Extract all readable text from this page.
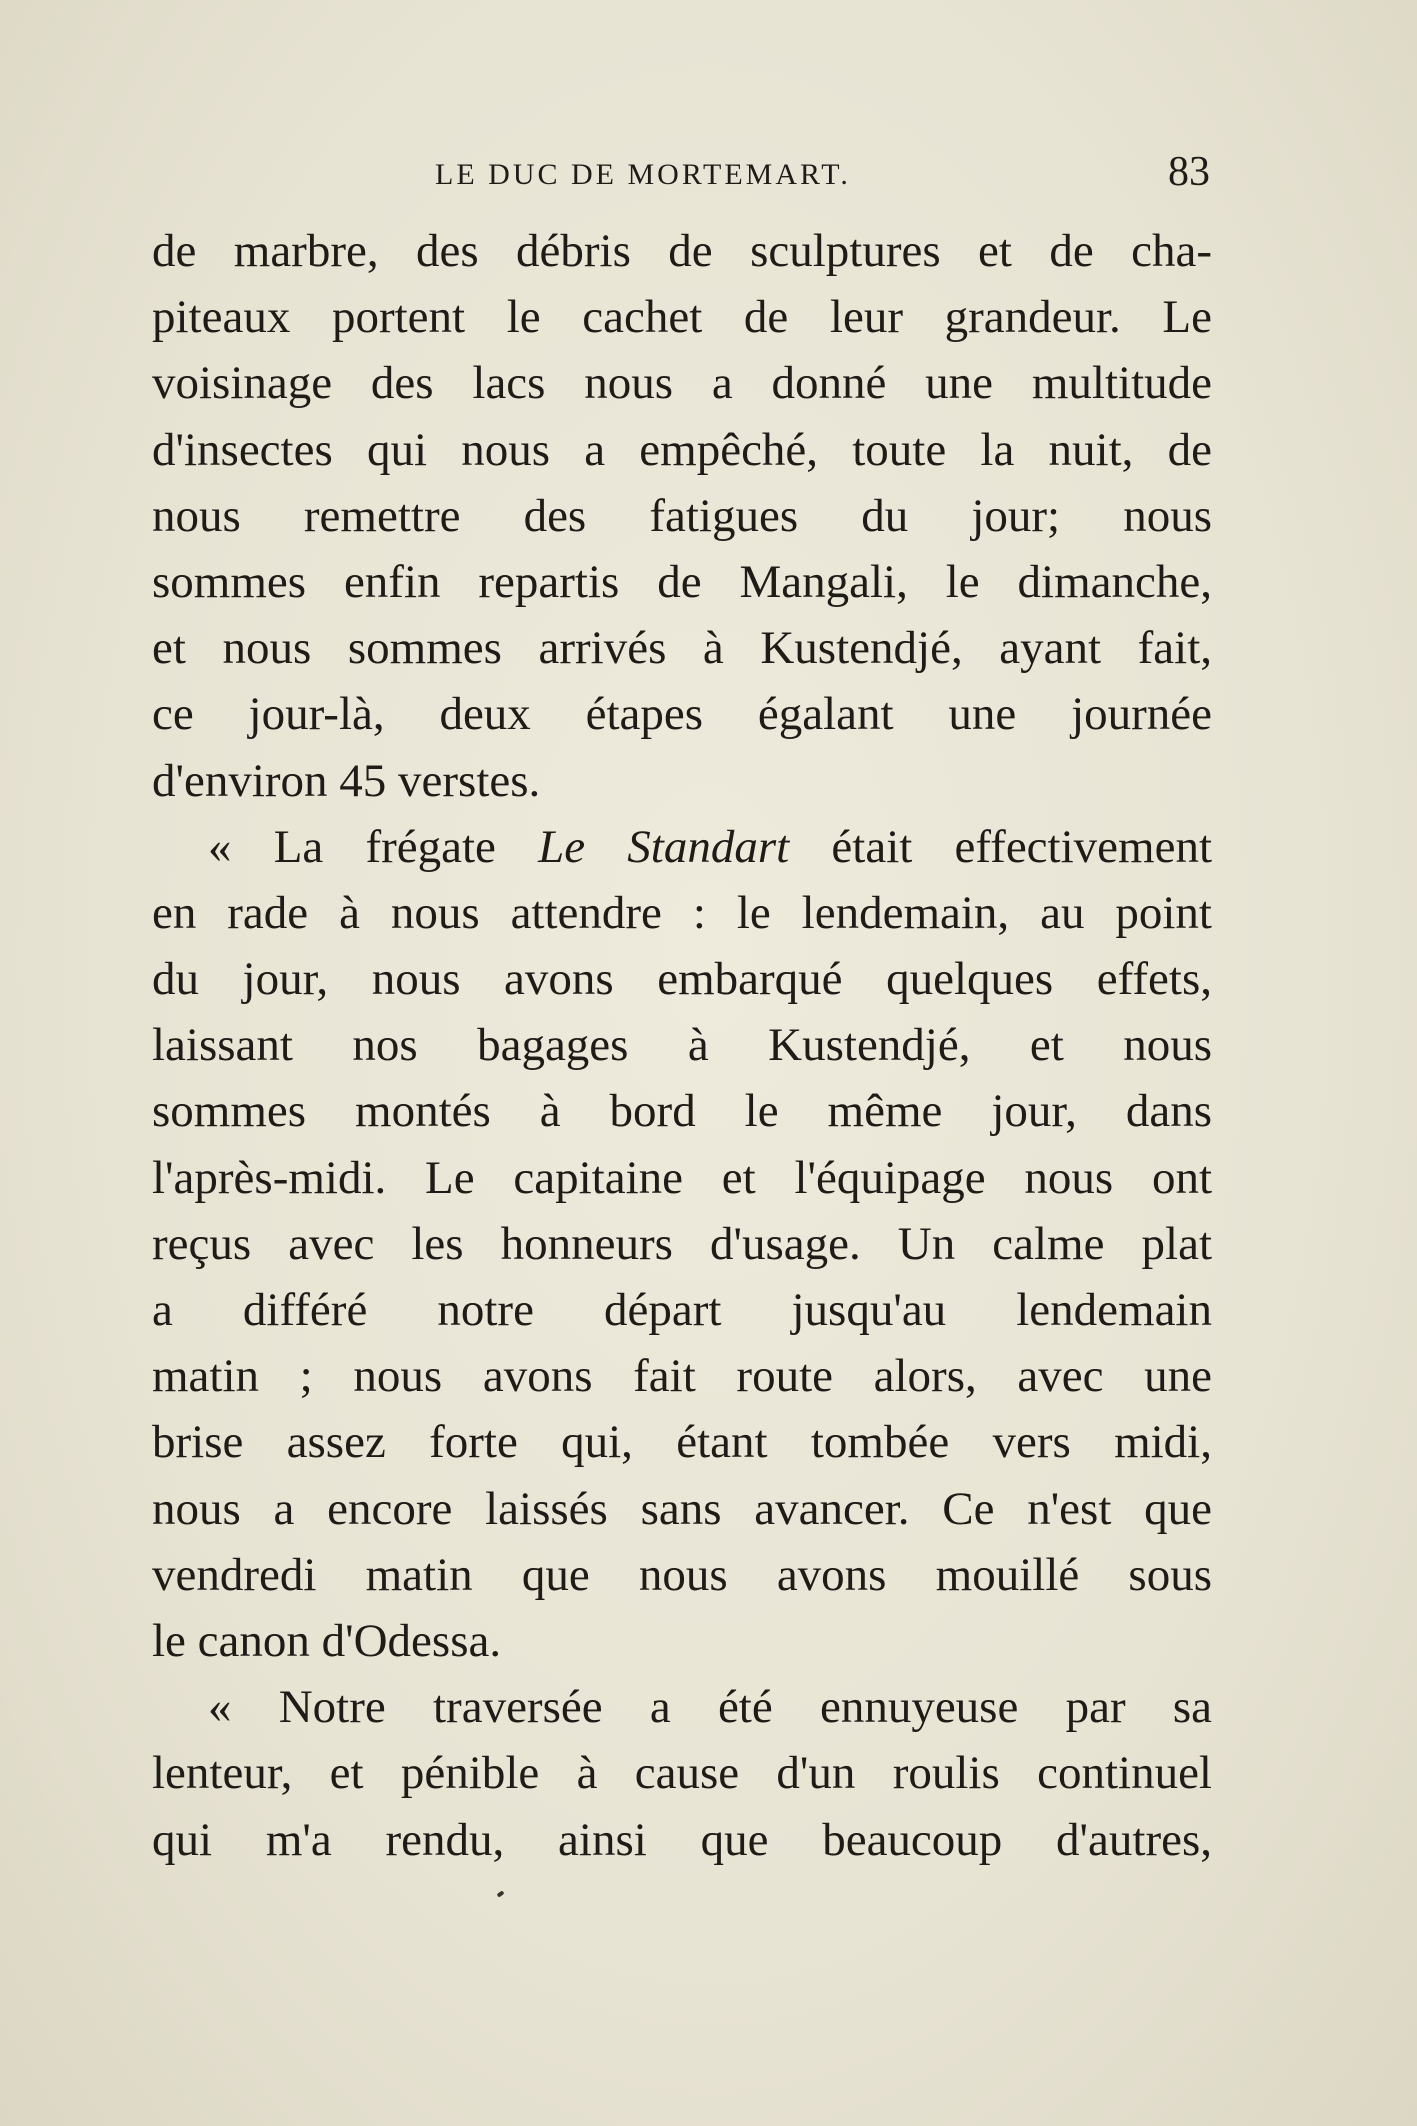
LE DUC DE MORTEMART.	83
de marbre, des débris de sculptures et de cha-
piteaux portent le cachet de leur grandeur. Le
voisinage des lacs nous a donné une multitude
d'insectes qui nous a empêché, toute la nuit, de
nous remettre des fatigues du jour; nous
sommes enfin repartis de Mangali, le dimanche,
et nous sommes arrivés à Kustendjé, ayant fait,
ce jour-là, deux étapes égalant une journée
d'environ 45 verstes.
« La frégate Le Standart était effectivement
en rade à nous attendre : le lendemain, au point
du jour, nous avons embarqué quelques effets,
laissant nos bagages à Kustendjé, et nous
sommes montés à bord le même jour, dans
l'après-midi. Le capitaine et l'équipage nous ont
reçus avec les honneurs d'usage. Un calme plat
a différé notre départ jusqu'au lendemain
matin ; nous avons fait route alors, avec une
brise assez forte qui, étant tombée vers midi,
nous a encore laissés sans avancer. Ce n'est que
vendredi matin que nous avons mouillé sous
le canon d'Odessa.
« Notre traversée a été ennuyeuse par sa
lenteur, et pénible à cause d'un roulis continuel
qui m'a rendu, ainsi que beaucoup d'autres,
